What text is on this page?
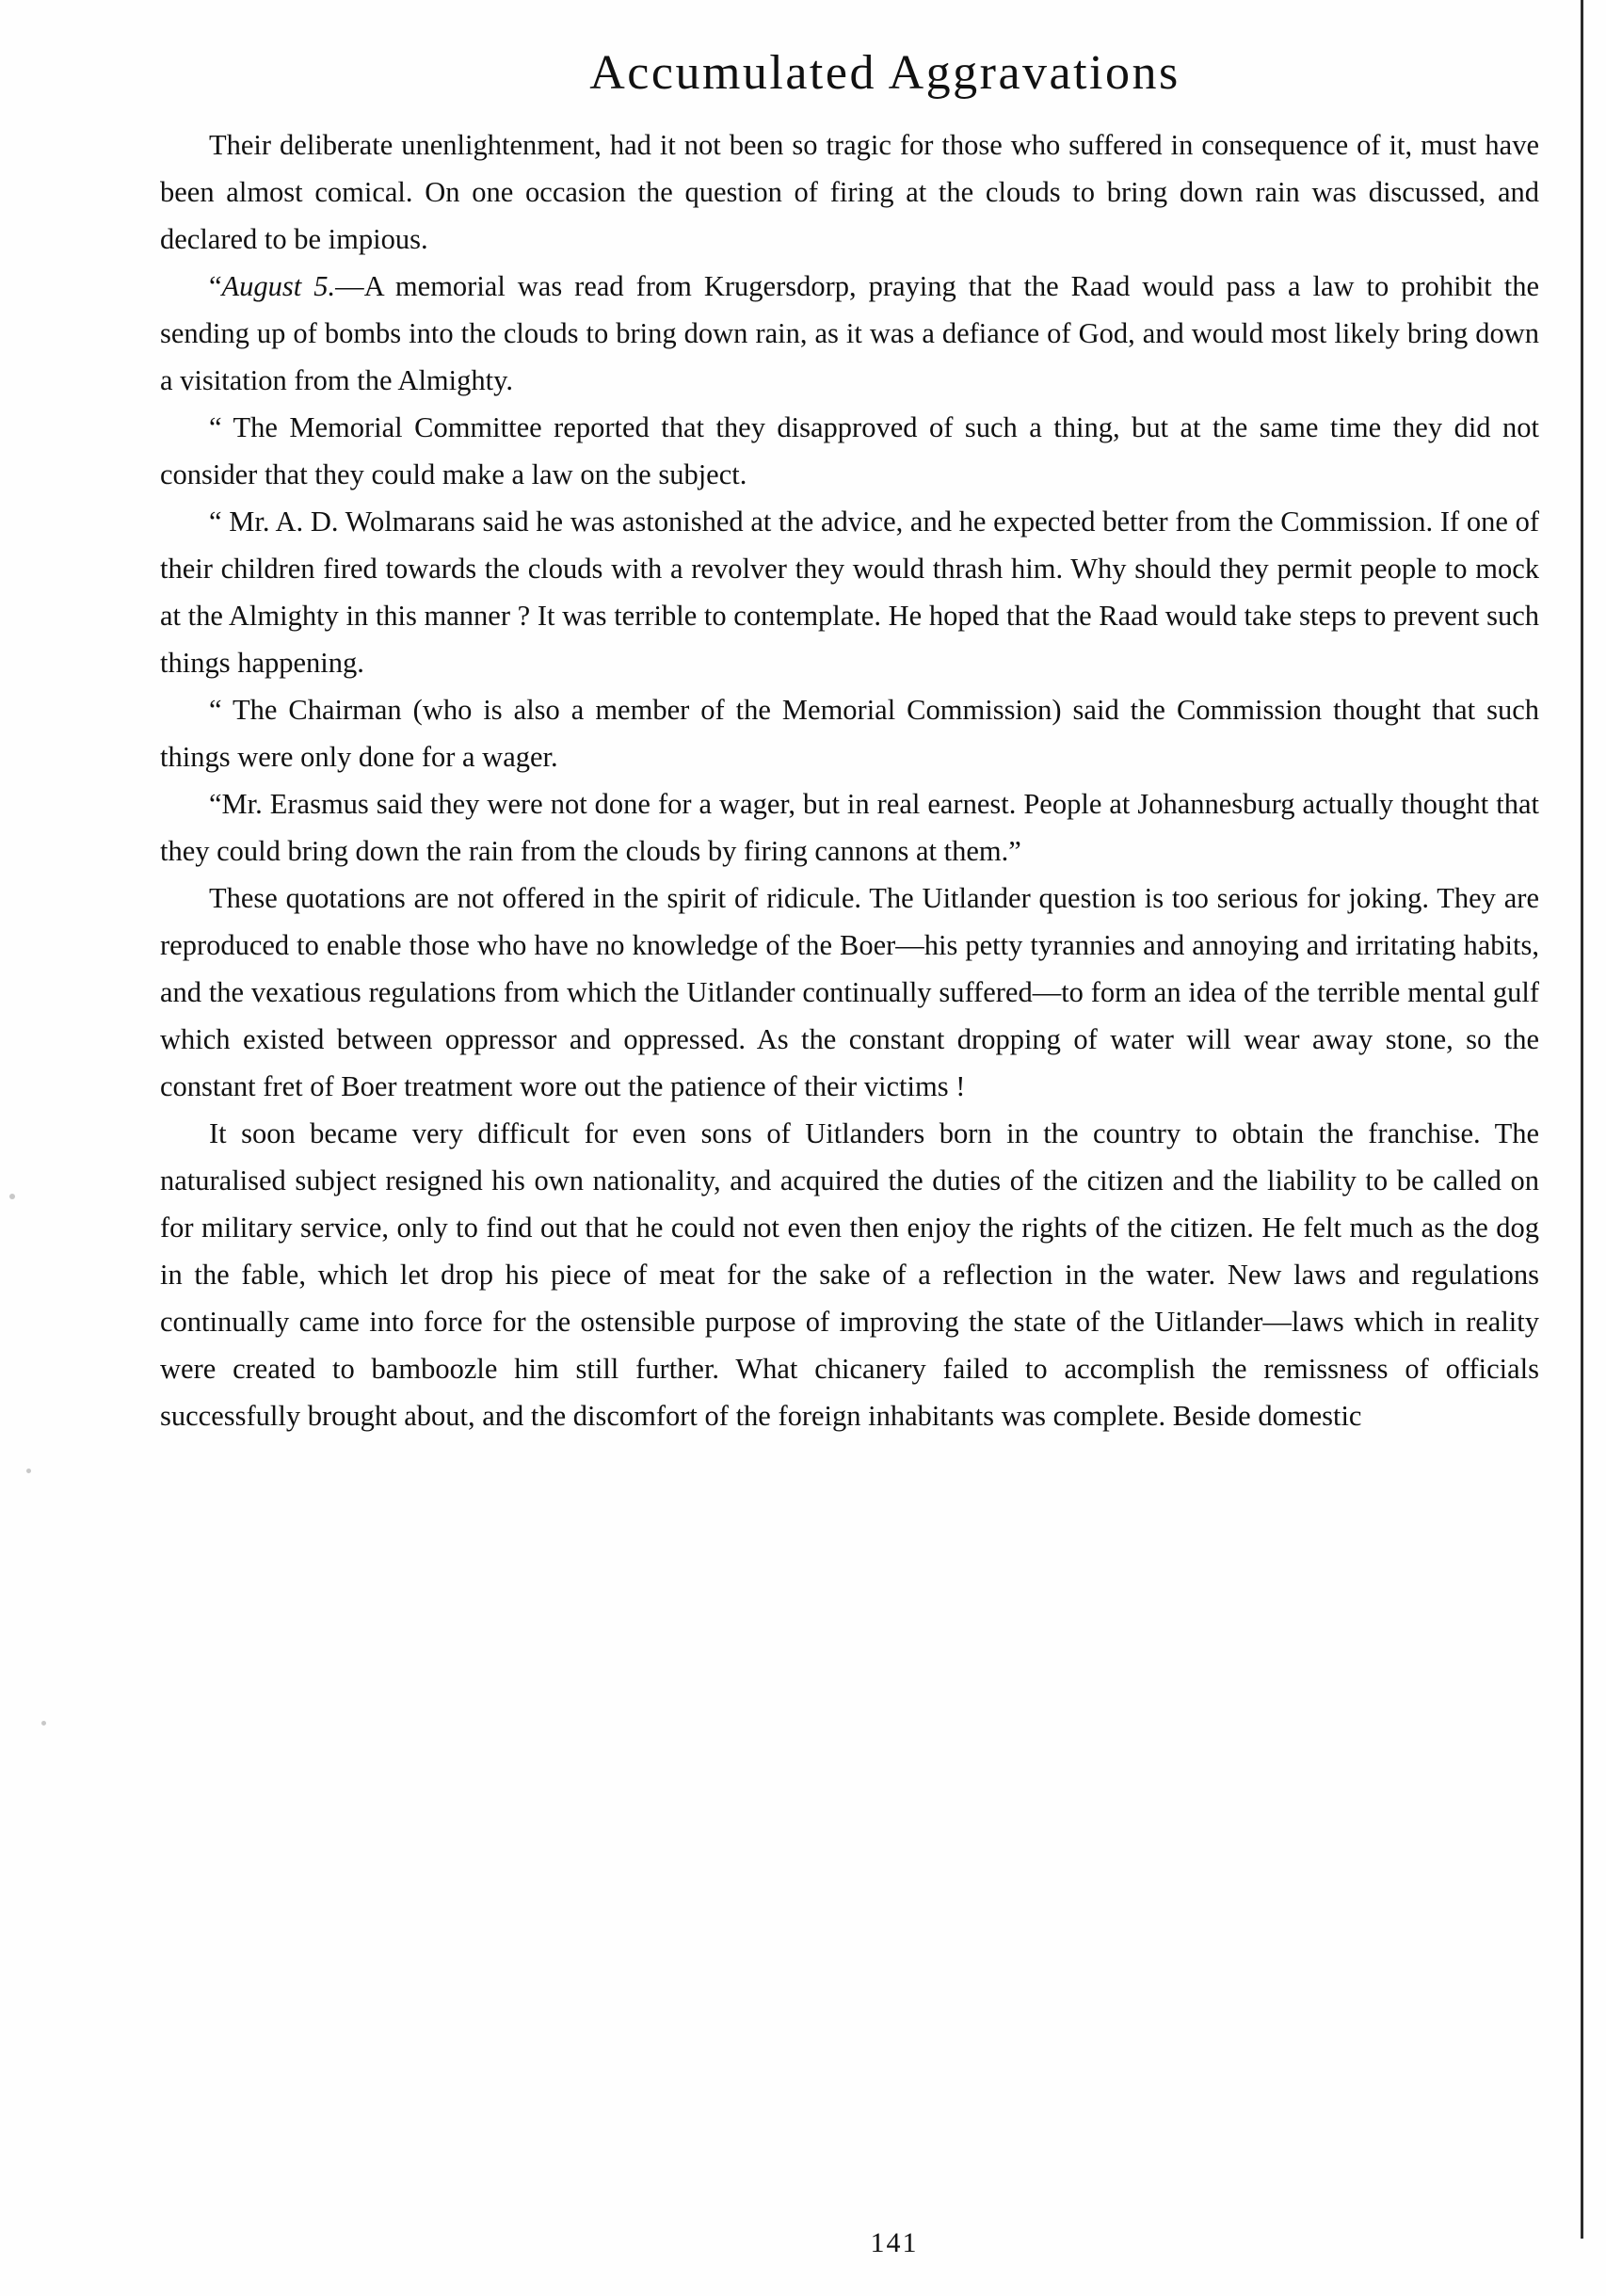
Accumulated Aggravations

Their deliberate unenlightenment, had it not been so tragic for those who suffered in consequence of it, must have been almost comical. On one occasion the question of firing at the clouds to bring down rain was discussed, and declared to be impious.

“August 5.—A memorial was read from Krugersdorp, praying that the Raad would pass a law to prohibit the sending up of bombs into the clouds to bring down rain, as it was a defiance of God, and would most likely bring down a visitation from the Almighty.

“ The Memorial Committee reported that they disapproved of such a thing, but at the same time they did not consider that they could make a law on the subject.

“ Mr. A. D. Wolmarans said he was astonished at the advice, and he expected better from the Commission. If one of their children fired towards the clouds with a revolver they would thrash him. Why should they permit people to mock at the Almighty in this manner ? It was terrible to contemplate. He hoped that the Raad would take steps to prevent such things happening.

“ The Chairman (who is also a member of the Memorial Commission) said the Commission thought that such things were only done for a wager.

“Mr. Erasmus said they were not done for a wager, but in real earnest. People at Johannesburg actually thought that they could bring down the rain from the clouds by firing cannons at them.”

These quotations are not offered in the spirit of ridicule. The Uitlander question is too serious for joking. They are reproduced to enable those who have no knowledge of the Boer—his petty tyrannies and annoying and irritating habits, and the vexatious regulations from which the Uitlander continually suffered—to form an idea of the terrible mental gulf which existed between oppressor and oppressed. As the constant dropping of water will wear away stone, so the constant fret of Boer treatment wore out the patience of their victims !

It soon became very difficult for even sons of Uitlanders born in the country to obtain the franchise. The naturalised subject resigned his own nationality, and acquired the duties of the citizen and the liability to be called on for military service, only to find out that he could not even then enjoy the rights of the citizen. He felt much as the dog in the fable, which let drop his piece of meat for the sake of a reflection in the water. New laws and regulations continually came into force for the ostensible purpose of improving the state of the Uitlander—laws which in reality were created to bamboozle him still further. What chicanery failed to accomplish the remissness of officials successfully brought about, and the discomfort of the foreign inhabitants was complete. Beside domestic

141
